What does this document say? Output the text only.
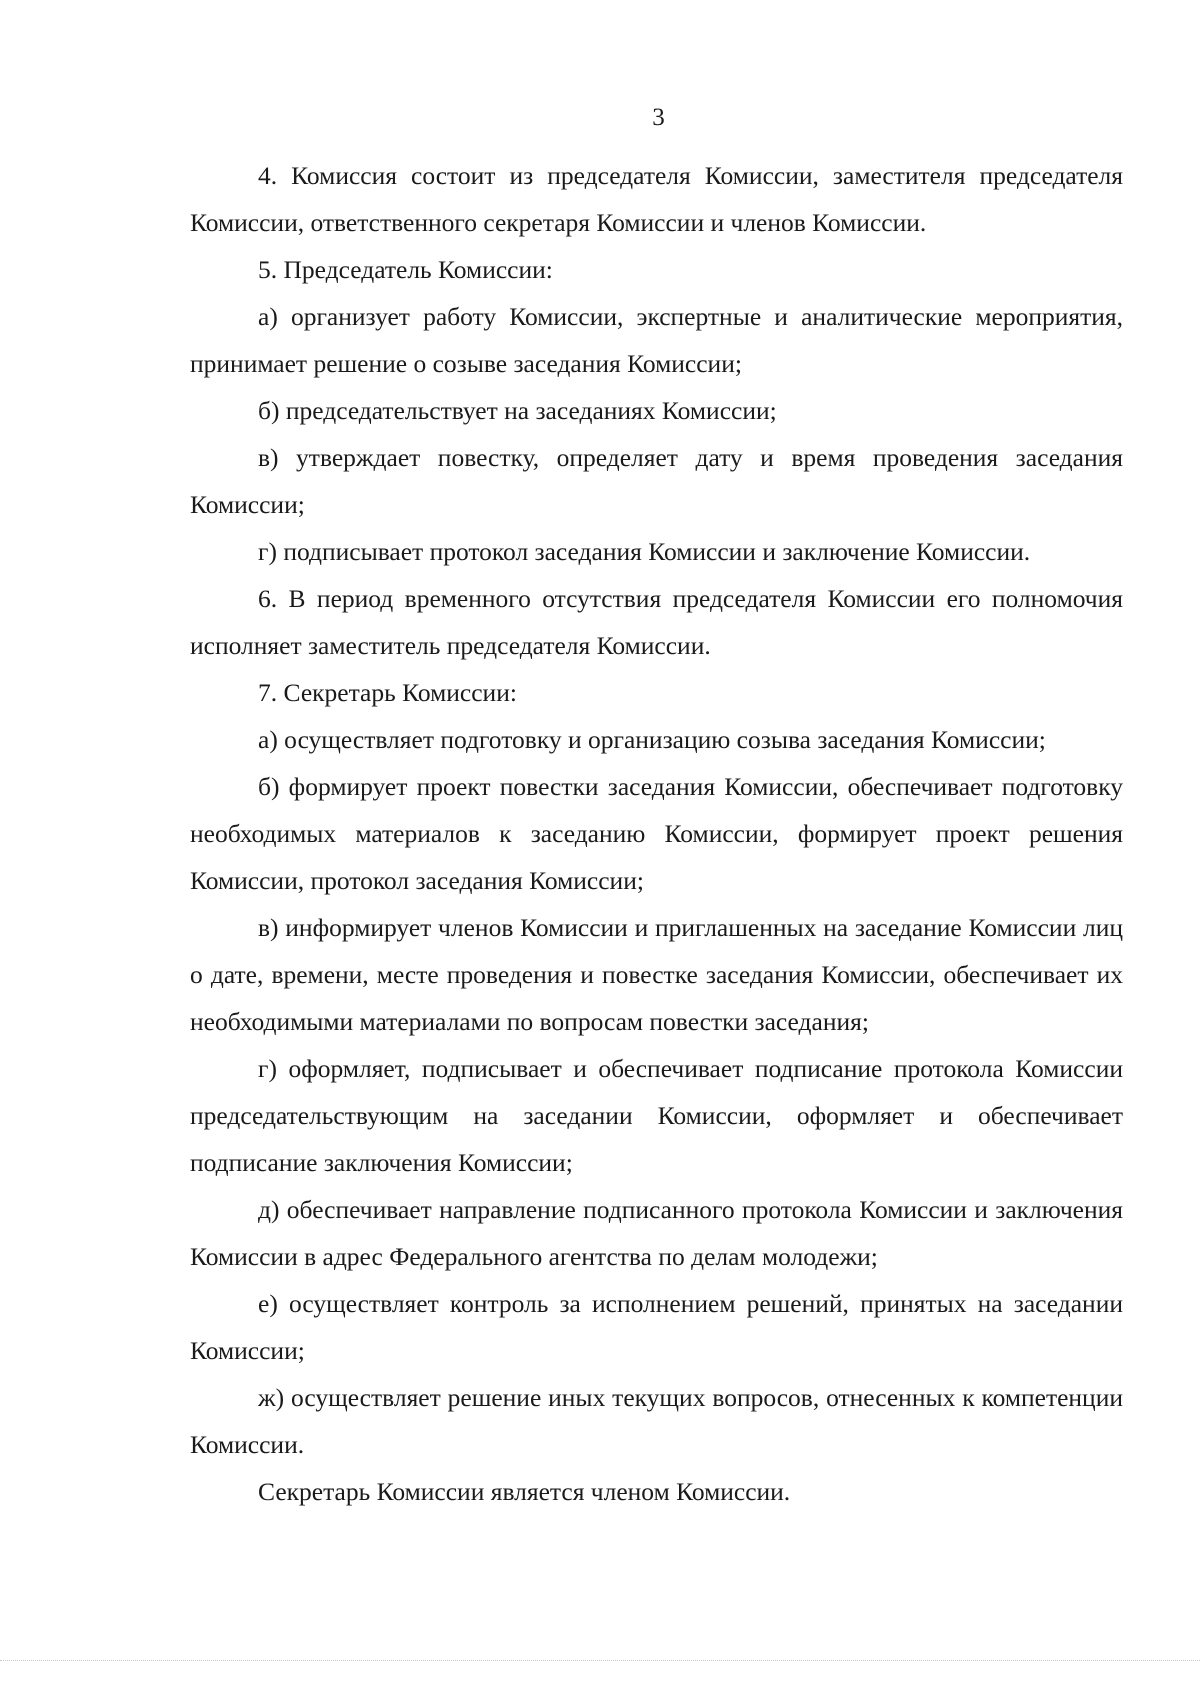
3

4. Комиссия состоит из председателя Комиссии, заместителя председателя Комиссии, ответственного секретаря Комиссии и членов Комиссии.

5. Председатель Комиссии:

а) организует работу Комиссии, экспертные и аналитические мероприятия, принимает решение о созыве заседания Комиссии;

б) председательствует на заседаниях Комиссии;

в) утверждает повестку, определяет дату и время проведения заседания Комиссии;

г) подписывает протокол заседания Комиссии и заключение Комиссии.

6. В период временного отсутствия председателя Комиссии его полномочия исполняет заместитель председателя Комиссии.

7. Секретарь Комиссии:

а) осуществляет подготовку и организацию созыва заседания Комиссии;

б) формирует проект повестки заседания Комиссии, обеспечивает подготовку необходимых материалов к заседанию Комиссии, формирует проект решения Комиссии, протокол заседания Комиссии;

в) информирует членов Комиссии и приглашенных на заседание Комиссии лиц о дате, времени, месте проведения и повестке заседания Комиссии, обеспечивает их необходимыми материалами по вопросам повестки заседания;

г) оформляет, подписывает и обеспечивает подписание протокола Комиссии председательствующим на заседании Комиссии, оформляет и обеспечивает подписание заключения Комиссии;

д) обеспечивает направление подписанного протокола Комиссии и заключения Комиссии в адрес Федерального агентства по делам молодежи;

е) осуществляет контроль за исполнением решений, принятых на заседании Комиссии;

ж) осуществляет решение иных текущих вопросов, отнесенных к компетенции Комиссии.

Секретарь Комиссии является членом Комиссии.
